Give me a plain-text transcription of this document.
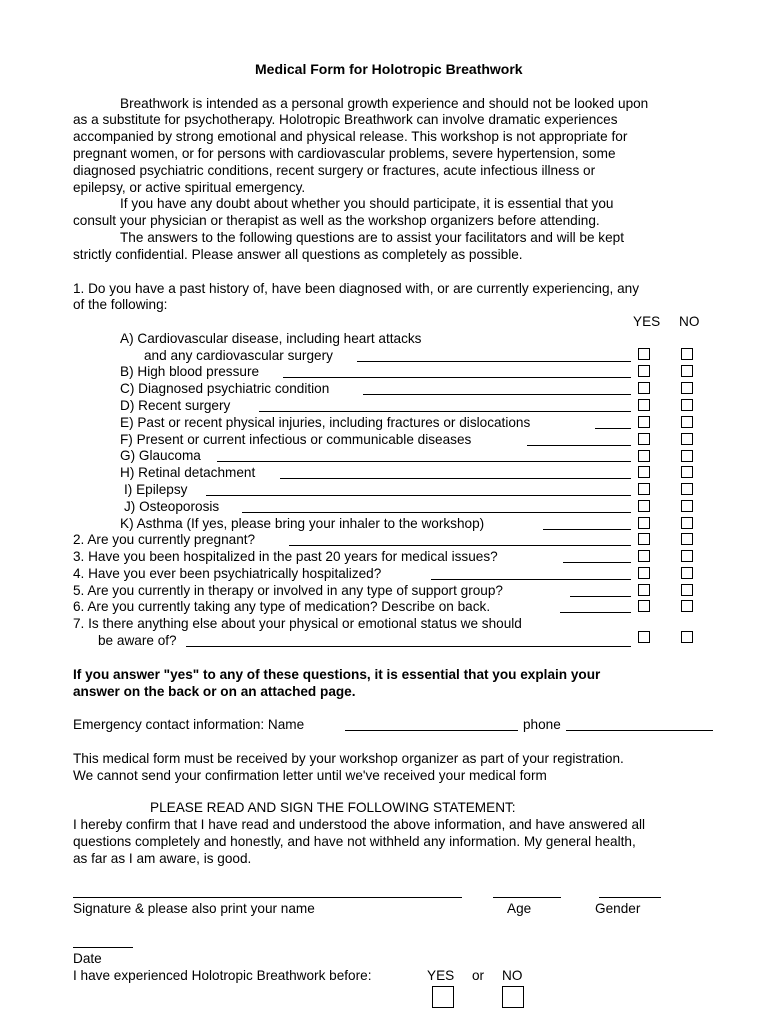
Medical Form for Holotropic Breathwork
Breathwork is intended as a personal growth experience and should not be looked upon
as a substitute for psychotherapy. Holotropic Breathwork can involve dramatic experiences
accompanied by strong emotional and physical release. This workshop is not appropriate for
pregnant women, or for persons with cardiovascular problems, severe hypertension, some
diagnosed psychiatric conditions, recent surgery or fractures, acute infectious illness or
epilepsy, or active spiritual emergency.
If you have any doubt about whether you should participate, it is essential that you
consult your physician or therapist as well as the workshop organizers before attending.
The answers to the following questions are to assist your facilitators and will be kept
strictly confidential. Please answer all questions as completely as possible.
1. Do you have a past history of, have been diagnosed with, or are currently experiencing, any
of the following:
YES NO
A) Cardiovascular disease, including heart attacks
and any cardiovascular surgery
B) High blood pressure
C) Diagnosed psychiatric condition
D) Recent surgery
E) Past or recent physical injuries, including fractures or dislocations
F) Present or current infectious or communicable diseases
G) Glaucoma
H) Retinal detachment
I) Epilepsy
J) Osteoporosis
K) Asthma (If yes, please bring your inhaler to the workshop)
2. Are you currently pregnant?
3. Have you been hospitalized in the past 20 years for medical issues?
4. Have you ever been psychiatrically hospitalized?
5. Are you currently in therapy or involved in any type of support group?
6. Are you currently taking any type of medication? Describe on back.
7. Is there anything else about your physical or emotional status we should
be aware of?
If you answer "yes" to any of these questions, it is essential that you explain your
answer on the back or on an attached page.
Emergency contact information: Name	phone
This medical form must be received by your workshop organizer as part of your registration.
We cannot send your confirmation letter until we've received your medical form
PLEASE READ AND SIGN THE FOLLOWING STATEMENT:
I hereby confirm that I have read and understood the above information, and have answered all
questions completely and honestly, and have not withheld any information. My general health,
as far as I am aware, is good.
Signature & please also print your name	Age	Gender
Date
I have experienced Holotropic Breathwork before:	YES or NO
